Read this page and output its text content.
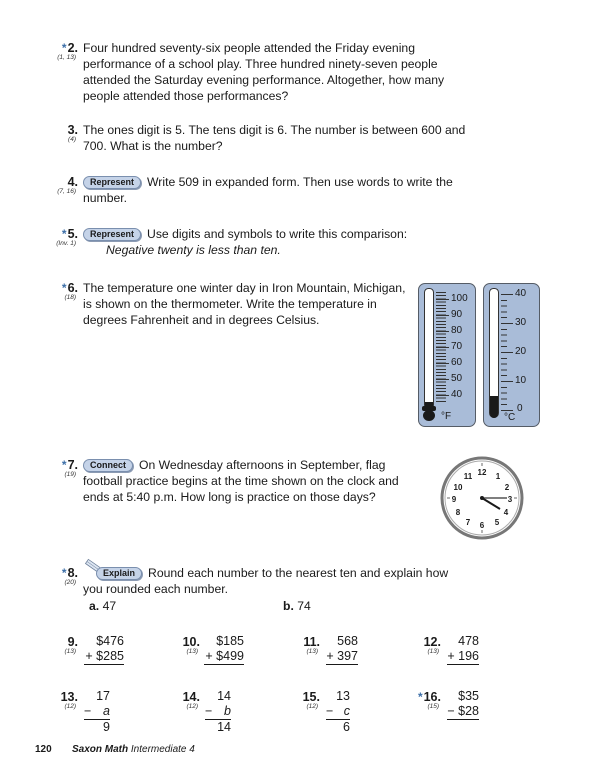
*2.
(1, 13)
Four hundred seventy-six people attended the Friday evening
performance of a school play. Three hundred ninety-seven people
attended the Saturday evening performance. Altogether, how many
people attended those performances?
3.
(4)
The ones digit is 5. The tens digit is 6. The number is between 600 and
700. What is the number?
4.
(7, 16)
Represent Write 509 in expanded form. Then use words to write the
number.
*5.
(Inv. 1)
Represent Use digits and symbols to write this comparison:
Negative twenty is less than ten.
*6.
(18)
The temperature one winter day in Iron Mountain, Michigan,
is shown on the thermometer. Write the temperature in
degrees Fahrenheit and in degrees Celsius.
100
90
80
70
60
50
40
°F
40
30
20
10
0
°C
*7.
(19)
Connect On Wednesday afternoons in September, flag
football practice begins at the time shown on the clock and
ends at 5:40 p.m. How long is practice on those days?
12 1
2
3
4
5
6
7
8
9
10
11
*8.
(20)
Explain Round each number to the nearest ten and explain how
you rounded each number.
a. 47	b. 74
9.
(13)
$476
+ $285
10.
(13)
$185
+ $499
11.
(13)
568
+ 397
12.
(13)
478
+ 196
13.
(12)
17
− a
9
14.
(12)
14
− b
14
15.
(12)
13
− c
6
*16.
(15)
$35
− $28
120 Saxon Math Intermediate 4
